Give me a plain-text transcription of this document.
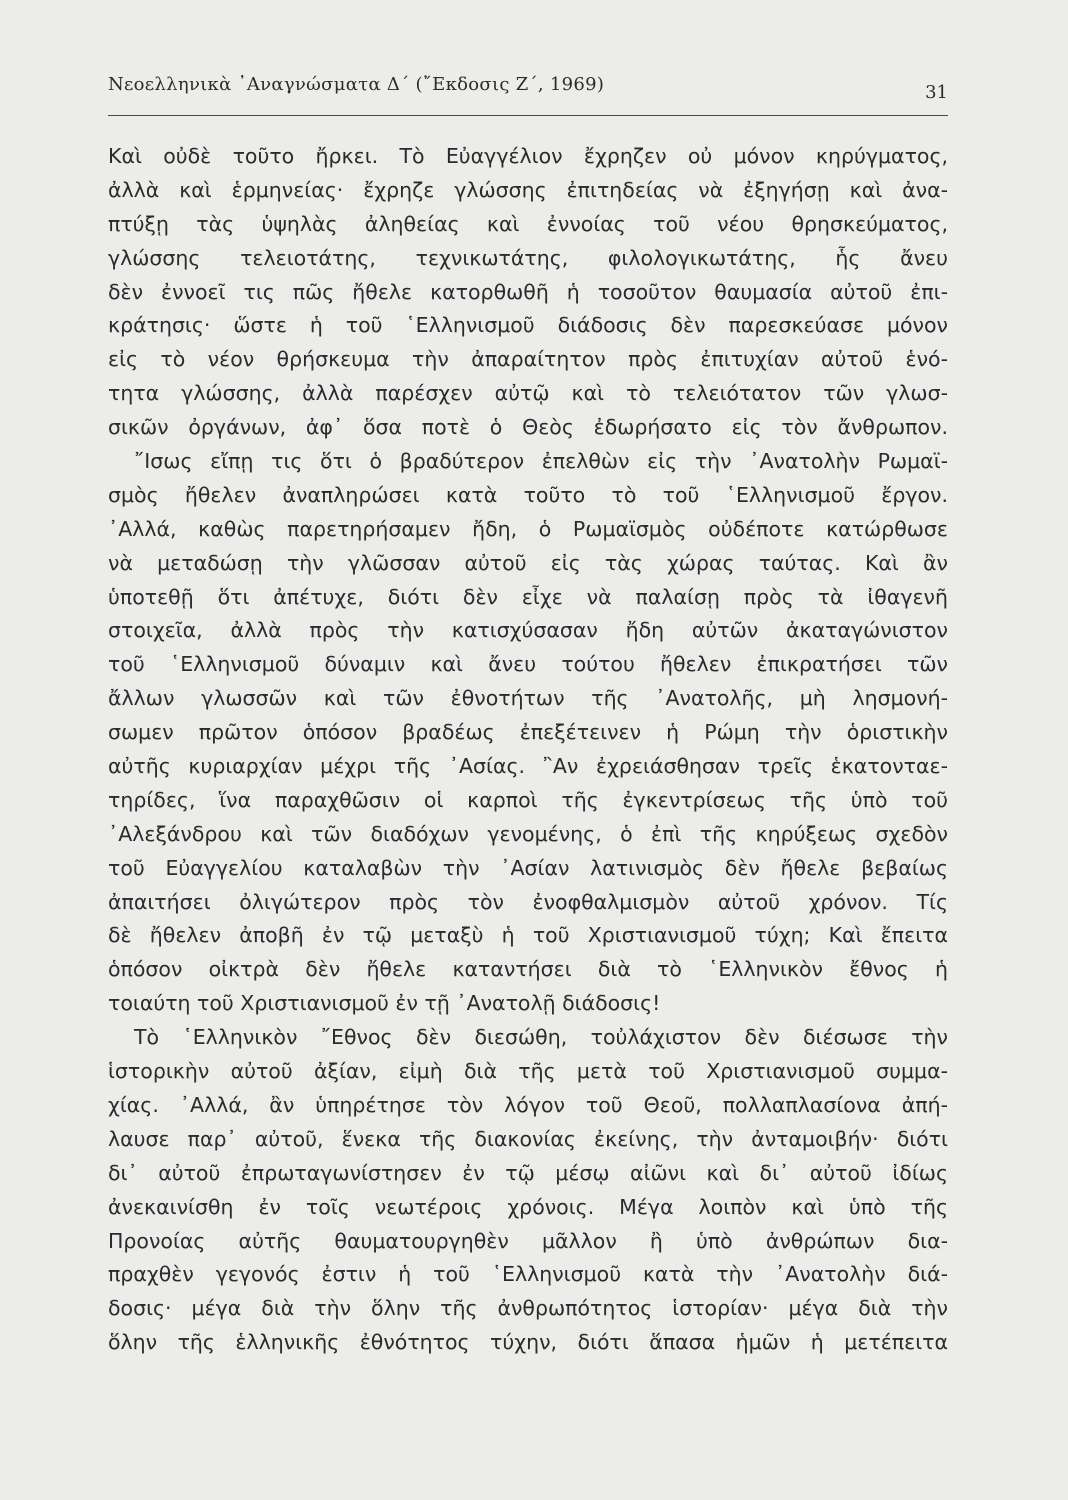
Νεοελληνικὰ ᾿Αναγνώσματα Δ΄ (῎Εκδοσις Ζ΄, 1969)	31
Καὶ οὐδὲ τοῦτο ἤρκει. Τὸ Εὐαγγέλιον ἔχρηζεν οὐ μόνον κηρύγματος,
ἀλλὰ καὶ ἑρμηνείας· ἔχρηζε γλώσσης ἐπιτηδείας νὰ ἐξηγήσῃ καὶ ἀνα-
πτύξῃ τὰς ὑψηλὰς ἀληθείας καὶ ἐννοίας τοῦ νέου θρησκεύματος,
γλώσσης τελειοτάτης, τεχνικωτάτης, φιλολογικωτάτης, ἧς ἄνευ
δὲν ἐννοεῖ τις πῶς ἤθελε κατορθωθῆ ἡ τοσοῦτον θαυμασία αὐτοῦ ἐπι-
κράτησις· ὥστε ἡ τοῦ ῾Ελληνισμοῦ διάδοσις δὲν παρεσκεύασε μόνον
εἰς τὸ νέον θρήσκευμα τὴν ἀπαραίτητον πρὸς ἐπιτυχίαν αὐτοῦ ἑνό-
τητα γλώσσης, ἀλλὰ παρέσχεν αὐτῷ καὶ τὸ τελειότατον τῶν γλωσ-
σικῶν ὀργάνων, ἀφ᾿ ὅσα ποτὲ ὁ Θεὸς ἐδωρήσατο εἰς τὸν ἄνθρωπον.
῎Ισως εἴπῃ τις ὅτι ὁ βραδύτερον ἐπελθὼν εἰς τὴν ᾿Ανατολὴν Ρωμαϊ-
σμὸς ἤθελεν ἀναπληρώσει κατὰ τοῦτο τὸ τοῦ ῾Ελληνισμοῦ ἔργον.
᾿Αλλά, καθὼς παρετηρήσαμεν ἤδη, ὁ Ρωμαϊσμὸς οὐδέποτε κατώρθωσε
νὰ μεταδώσῃ τὴν γλῶσσαν αὐτοῦ εἰς τὰς χώρας ταύτας. Καὶ ἂν
ὑποτεθῇ ὅτι ἀπέτυχε, διότι δὲν εἶχε νὰ παλαίσῃ πρὸς τὰ ἰθαγενῆ
στοιχεῖα, ἀλλὰ πρὸς τὴν κατισχύσασαν ἤδη αὐτῶν ἀκαταγώνιστον
τοῦ ῾Ελληνισμοῦ δύναμιν καὶ ἄνευ τούτου ἤθελεν ἐπικρατήσει τῶν
ἄλλων γλωσσῶν καὶ τῶν ἐθνοτήτων τῆς ᾿Ανατολῆς, μὴ λησμονή-
σωμεν πρῶτον ὁπόσον βραδέως ἐπεξέτεινεν ἡ Ρώμη τὴν ὁριστικὴν
αὐτῆς κυριαρχίαν μέχρι τῆς ᾿Ασίας. ῍Αν ἐχρειάσθησαν τρεῖς ἑκατονταε-
τηρίδες, ἵνα παραχθῶσιν οἱ καρποὶ τῆς ἐγκεντρίσεως τῆς ὑπὸ τοῦ
᾿Αλεξάνδρου καὶ τῶν διαδόχων γενομένης, ὁ ἐπὶ τῆς κηρύξεως σχεδὸν
τοῦ Εὐαγγελίου καταλαβὼν τὴν ᾿Ασίαν λατινισμὸς δὲν ἤθελε βεβαίως
ἀπαιτήσει ὀλιγώτερον πρὸς τὸν ἐνοφθαλμισμὸν αὐτοῦ χρόνον. Τίς
δὲ ἤθελεν ἀποβῆ ἐν τῷ μεταξὺ ἡ τοῦ Χριστιανισμοῦ τύχη; Καὶ ἔπειτα
ὁπόσον οἰκτρὰ δὲν ἤθελε καταντήσει διὰ τὸ ῾Ελληνικὸν ἔθνος ἡ
τοιαύτη τοῦ Χριστιανισμοῦ ἐν τῇ ᾿Ανατολῇ διάδοσις!
Τὸ ῾Ελληνικὸν ῎Εθνος δὲν διεσώθη, τοὐλάχιστον δὲν διέσωσε τὴν
ἱστορικὴν αὐτοῦ ἀξίαν, εἰμὴ διὰ τῆς μετὰ τοῦ Χριστιανισμοῦ συμμα-
χίας. ᾿Αλλά, ἂν ὑπηρέτησε τὸν λόγον τοῦ Θεοῦ, πολλαπλασίονα ἀπή-
λαυσε παρ᾿ αὐτοῦ, ἕνεκα τῆς διακονίας ἐκείνης, τὴν ἀνταμοιβήν· διότι
δι᾿ αὐτοῦ ἐπρωταγωνίστησεν ἐν τῷ μέσῳ αἰῶνι καὶ δι᾿ αὐτοῦ ἰδίως
ἀνεκαινίσθη ἐν τοῖς νεωτέροις χρόνοις. Μέγα λοιπὸν καὶ ὑπὸ τῆς
Προνοίας αὐτῆς θαυματουργηθὲν μᾶλλον ἢ ὑπὸ ἀνθρώπων δια-
πραχθὲν γεγονός ἐστιν ἡ τοῦ ῾Ελληνισμοῦ κατὰ τὴν ᾿Ανατολὴν διά-
δοσις· μέγα διὰ τὴν ὅλην τῆς ἀνθρωπότητος ἱστορίαν· μέγα διὰ τὴν
ὅλην τῆς ἑλληνικῆς ἐθνότητος τύχην, διότι ἅπασα ἡμῶν ἡ μετέπειτα
